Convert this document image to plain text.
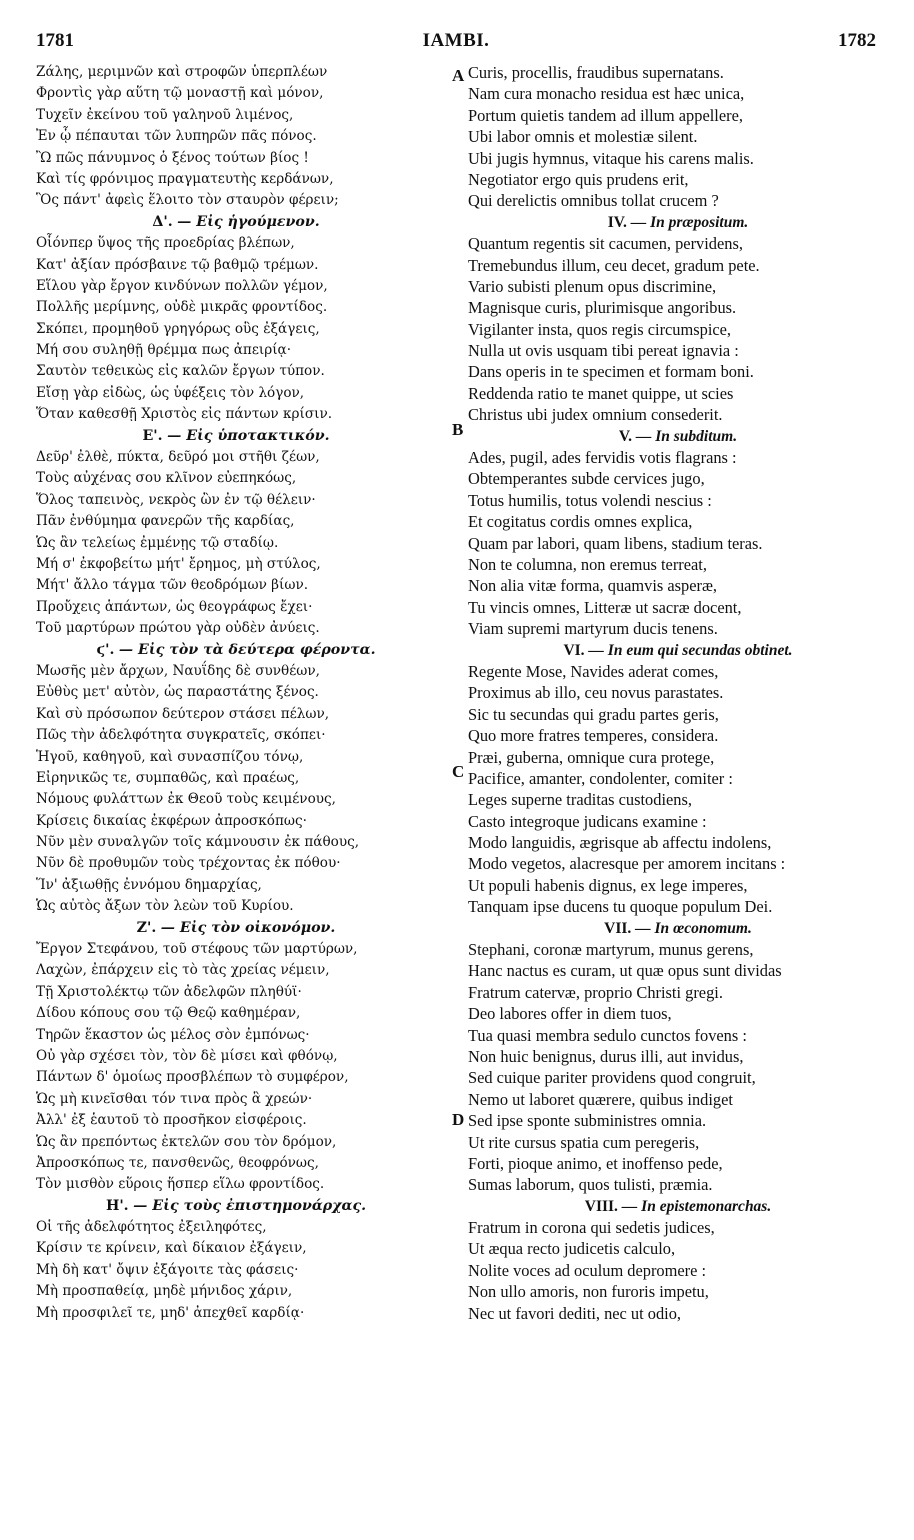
1781	IAMBI.	1782
Ζάλης, μεριμνῶν καὶ στροφῶν ὑπερπλέων
Φροντὶς γὰρ αὕτη τῷ μοναστῇ καὶ μόνον,
Τυχεῖν ἐκείνου τοῦ γαληνοῦ λιμένος,
Ἐν ᾧ πέπαυται τῶν λυπηρῶν πᾶς πόνος.
Ὢ πῶς πάνυμνος ὁ ξένος τούτων βίος !
Καὶ τίς φρόνιμος πραγματευτὴς κερδάνων,
Ὃς πάντ' ἀφεὶς ἕλοιτο τὸν σταυρὸν φέρειν;
Δ'. — Εἰς ἡγούμενον.
Οἷόνπερ ὕψος τῆς προεδρίας βλέπων,
Κατ' ἀξίαν πρόσβαινε τῷ βαθμῷ τρέμων.
Εἵλου γὰρ ἔργον κινδύνων πολλῶν γέμον,
Πολλῆς μερίμνης, οὐδὲ μικρᾶς φροντίδος.
Σκόπει, προμηθοῦ γρηγόρως οὓς ἐξάγεις,
Μή σου συληθῇ θρέμμα πως ἀπειρίᾳ·
Σαυτὸν τεθεικὼς εἰς καλῶν ἔργων τύπον.
Εἴσῃ γὰρ εἰδὼς, ὡς ὑφέξεις τὸν λόγον,
Ὅταν καθεσθῇ Χριστὸς εἰς πάντων κρίσιν.
Ε'. — Εἰς ὑποτακτικόν.
Δεῦρ' ἐλθὲ, πύκτα, δεῦρό μοι στῆθι ζέων,
Τοὺς αὐχένας σου κλῖνον εὐεπηκόως,
Ὅλος ταπεινὸς, νεκρὸς ὢν ἐν τῷ θέλειν·
Πᾶν ἐνθύμημα φανερῶν τῆς καρδίας,
Ὡς ἂν τελείως ἐμμένῃς τῷ σταδίῳ.
Μή σ' ἐκφοβείτω μήτ' ἔρημος, μὴ στύλος,
Μήτ' ἄλλο τάγμα τῶν θεοδρόμων βίων.
Προὔχεις ἁπάντων, ὡς θεογράφως ἔχει·
Τοῦ μαρτύρων πρώτου γὰρ οὐδὲν ἀνύεις.
ϛ'. — Εἰς τὸν τὰ δεύτερα φέροντα.
Μωσῆς μὲν ἄρχων, Ναυΐδης δὲ συνθέων,
Εὐθὺς μετ' αὐτὸν, ὡς παραστάτης ξένος.
Καὶ σὺ πρόσωπον δεύτερον στάσει πέλων,
Πῶς τὴν ἀδελφότητα συγκρατεῖς, σκόπει·
Ἡγοῦ, καθηγοῦ, καὶ συνασπίζου τόνῳ,
Εἰρηνικῶς τε, συμπαθῶς, καὶ πραέως,
Νόμους φυλάττων ἐκ Θεοῦ τοὺς κειμένους,
Κρίσεις δικαίας ἐκφέρων ἀπροσκόπως·
Νῦν μὲν συναλγῶν τοῖς κάμνουσιν ἐκ πάθους,
Νῦν δὲ προθυμῶν τοὺς τρέχοντας ἐκ πόθου·
Ἵν' ἀξιωθῇς ἐννόμου δημαρχίας,
Ὡς αὐτὸς ἄξων τὸν λεὼν τοῦ Κυρίου.
Ζ'. — Εἰς τὸν οἰκονόμον.
Ἔργον Στεφάνου, τοῦ στέφους τῶν μαρτύρων,
Λαχὼν, ἐπάρχειν εἰς τὸ τὰς χρείας νέμειν,
Τῇ Χριστολέκτῳ τῶν ἀδελφῶν πληθύϊ·
Δίδου κόπους σου τῷ Θεῷ καθημέραν,
Τηρῶν ἕκαστον ὡς μέλος σὸν ἐμπόνως·
Οὐ γὰρ σχέσει τὸν, τὸν δὲ μίσει καὶ φθόνῳ,
Πάντων δ' ὁμοίως προσβλέπων τὸ συμφέρον,
Ὡς μὴ κινεῖσθαι τόν τινα πρὸς ἃ χρεών·
Ἀλλ' ἐξ ἑαυτοῦ τὸ προσῆκον εἰσφέροις.
Ὡς ἂν πρεπόντως ἐκτελῶν σου τὸν δρόμον,
Ἀπροσκόπως τε, πανσθενῶς, θεοφρόνως,
Τὸν μισθὸν εὕροις ἥσπερ εἵλω φροντίδος.
Η'. — Εἰς τοὺς ἐπιστημονάρχας.
Οἱ τῆς ἀδελφότητος ἐξειληφότες,
Κρίσιν τε κρίνειν, καὶ δίκαιον ἐξάγειν,
Μὴ δὴ κατ' ὄψιν ἐξάγοιτε τὰς φάσεις·
Μὴ προσπαθείᾳ, μηδὲ μήνιδος χάριν,
Μὴ προσφιλεῖ τε, μηδ' ἀπεχθεῖ καρδίᾳ·
Curis, procellis, fraudibus supernatans.
Nam cura monacho residua est hæc unica,
Portum quietis tandem ad illum appellere,
Ubi labor omnis et molestiæ silent.
Ubi jugis hymnus, vitaque his carens malis.
Negotiator ergo quis prudens erit,
Qui derelictis omnibus tollat crucem ?
IV. — In præpositum.
Quantum regentis sit cacumen, pervidens,
Tremebundus illum, ceu decet, gradum pete.
Vario subisti plenum opus discrimine,
Magnisque curis, plurimisque angoribus.
Vigilanter insta, quos regis circumspice,
Nulla ut ovis usquam tibi pereat ignavia :
Dans operis in te specimen et formam boni.
Reddenda ratio te manet quippe, ut scies
Christus ubi judex omnium consederit.
V. — In subditum.
Ades, pugil, ades fervidis votis flagrans :
Obtemperantes subde cervices jugo,
Totus humilis, totus volendi nescius :
Et cogitatus cordis omnes explica,
Quam par labori, quam libens, stadium teras.
Non te columna, non eremus terreat,
Non alia vitæ forma, quamvis asperæ,
Tu vincis omnes, Litteræ ut sacræ docent,
Viam supremi martyrum ducis tenens.
VI. — In eum qui secundas obtinet.
Regente Mose, Navides aderat comes,
Proximus ab illo, ceu novus parastates.
Sic tu secundas qui gradu partes geris,
Quo more fratres temperes, considera.
Præi, guberna, omnique cura protege,
Pacifice, amanter, condolenter, comiter :
Leges superne traditas custodiens,
Casto integroque judicans examine :
Modo languidis, ægrisque ab affectu indolens,
Modo vegetos, alacresque per amorem incitans :
Ut populi habenis dignus, ex lege imperes,
Tanquam ipse ducens tu quoque populum Dei.
VII. — In œconomum.
Stephani, coronæ martyrum, munus gerens,
Hanc nactus es curam, ut quæ opus sunt dividas
Fratrum catervæ, proprio Christi gregi.
Deo labores offer in diem tuos,
Tua quasi membra sedulo cunctos fovens :
Non huic benignus, durus illi, aut invidus,
Sed cuique pariter providens quod congruit,
Nemo ut laboret quærere, quibus indiget
Sed ipse sponte subministres omnia.
Ut rite cursus spatia cum peregeris,
Forti, pioque animo, et inoffenso pede,
Sumas laborum, quos tulisti, præmia.
VIII. — In epistemonarchas.
Fratrum in corona qui sedetis judices,
Ut æqua recto judicetis calculo,
Nolite voces ad oculum depromere :
Non ullo amoris, non furoris impetu,
Nec ut favori dediti, nec ut odio,
A
B
C
D
